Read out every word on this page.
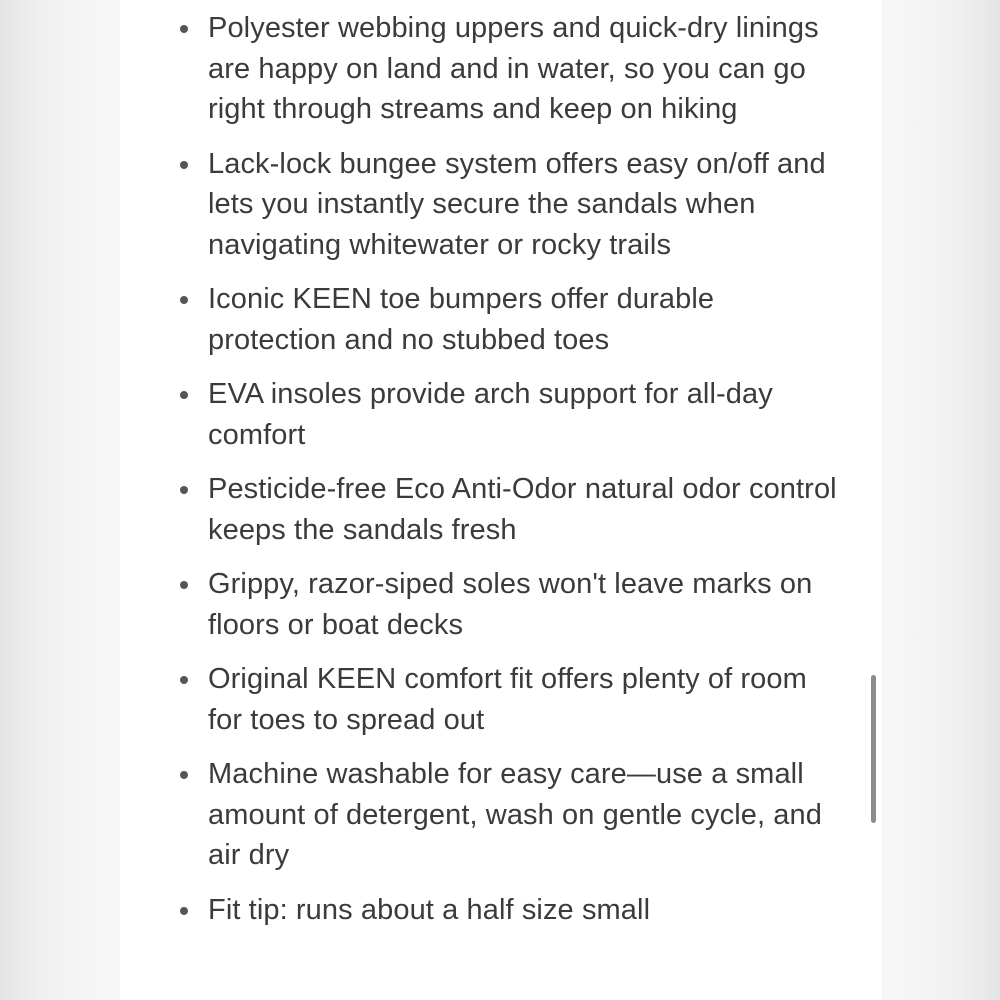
Polyester webbing uppers and quick-dry linings are happy on land and in water, so you can go right through streams and keep on hiking
Lack-lock bungee system offers easy on/off and lets you instantly secure the sandals when navigating whitewater or rocky trails
Iconic KEEN toe bumpers offer durable protection and no stubbed toes
EVA insoles provide arch support for all-day comfort
Pesticide-free Eco Anti-Odor natural odor control keeps the sandals fresh
Grippy, razor-siped soles won't leave marks on floors or boat decks
Original KEEN comfort fit offers plenty of room for toes to spread out
Machine washable for easy care—use a small amount of detergent, wash on gentle cycle, and air dry
Fit tip: runs about a half size small
